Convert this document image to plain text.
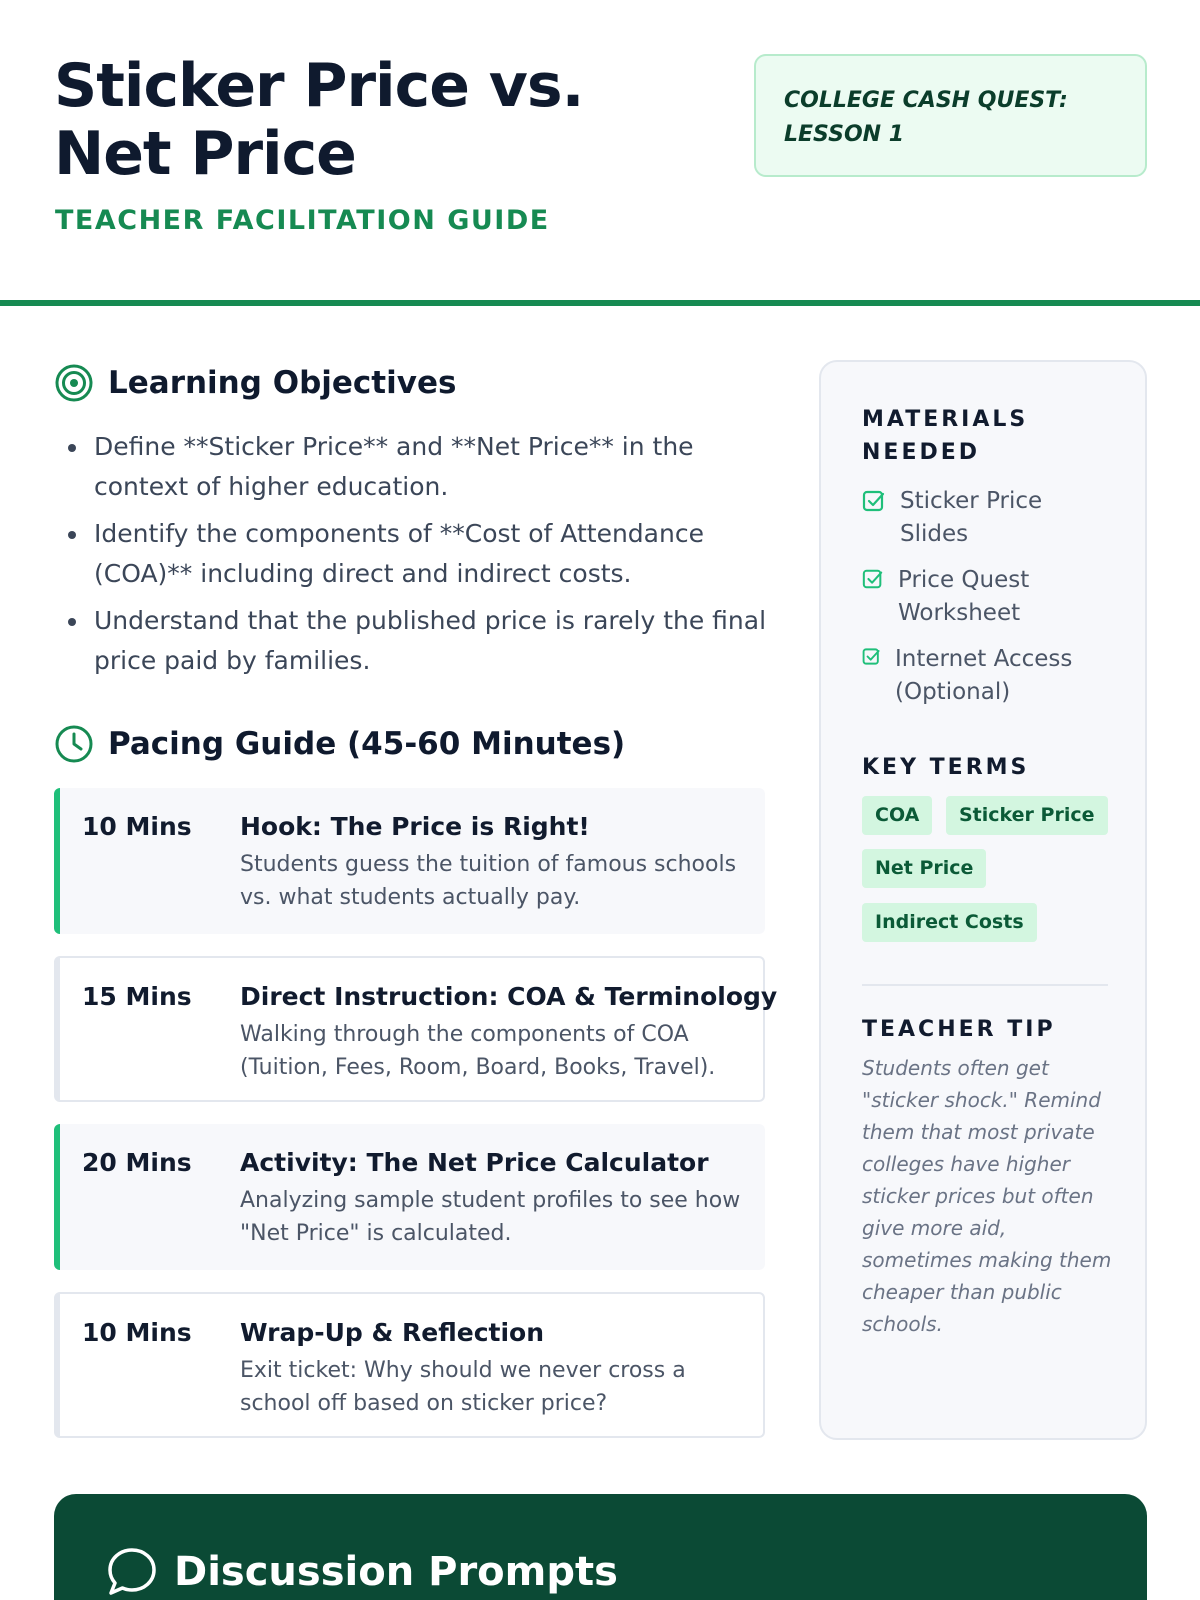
Sticker Price vs. Net Price
TEACHER FACILITATION GUIDE
COLLEGE CASH QUEST: LESSON 1
Learning Objectives
Define **Sticker Price** and **Net Price** in the context of higher education.
Identify the components of **Cost of Attendance (COA)** including direct and indirect costs.
Understand that the published price is rarely the final price paid by families.
Pacing Guide (45-60 Minutes)
10 Mins Hook: The Price is Right!
Students guess the tuition of famous schools vs. what students actually pay.
15 Mins Direct Instruction: COA & Terminology
Walking through the components of COA (Tuition, Fees, Room, Board, Books, Travel).
20 Mins Activity: The Net Price Calculator
Analyzing sample student profiles to see how "Net Price" is calculated.
10 Mins Wrap-Up & Reflection
Exit ticket: Why should we never cross a school off based on sticker price?
MATERIALS NEEDED
Sticker Price Slides
Price Quest Worksheet
Internet Access (Optional)
KEY TERMS
COA	Sticker Price
Net Price
Indirect Costs
TEACHER TIP
Students often get "sticker shock." Remind them that most private colleges have higher sticker prices but often give more aid, sometimes making them cheaper than public schools.
Discussion Prompts
